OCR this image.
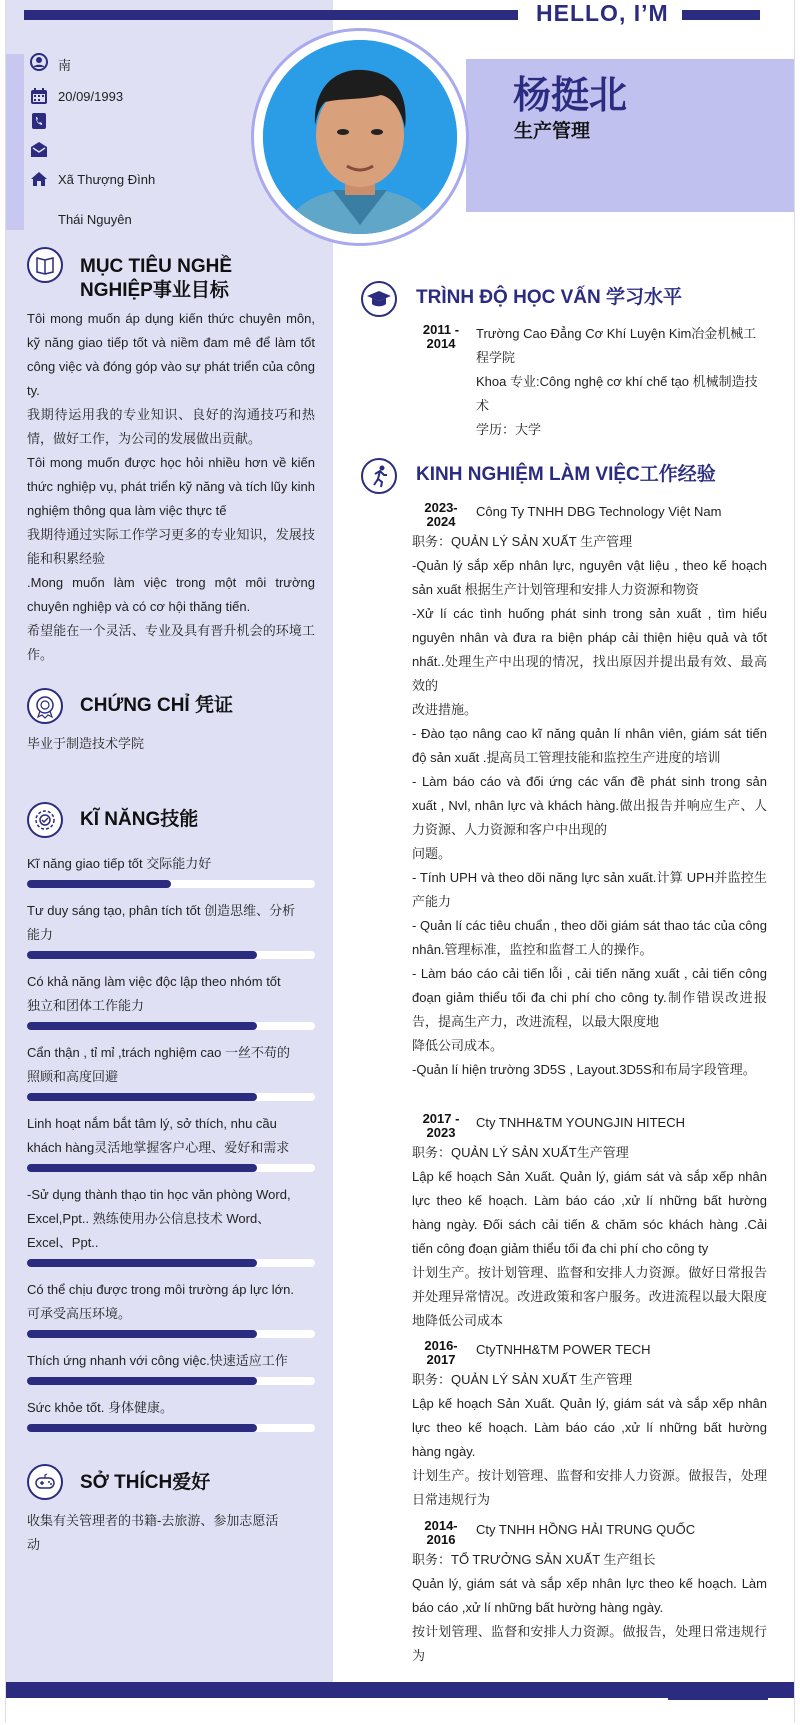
HELLO, I’M
杨挺北
生产管理
南
20/09/1993
Xã Thượng Đình
Thái Nguyên
MỤC TIÊU NGHỀ
NGHIỆP事业目标
Tôi mong muốn áp dụng kiến thức chuyên môn, kỹ năng giao tiếp tốt và niềm đam mê để làm tốt công việc và đóng góp vào sự phát triển của công ty.
我期待运用我的专业知识、良好的沟通技巧和热情，做好工作，为公司的发展做出贡献。
Tôi mong muốn được học hỏi nhiều hơn về kiến thức nghiệp vụ, phát triển kỹ năng và tích lũy kinh nghiệm thông qua làm việc thực tế
我期待通过实际工作学习更多的专业知识，发展技能和积累经验
.Mong muốn làm việc trong một môi trường chuyên nghiệp và có cơ hội thăng tiến.
希望能在一个灵活、专业及具有晋升机会的环境工作。
CHỨNG CHỈ 凭证
毕业于制造技术学院
KĨ NĂNG技能
Kĩ năng giao tiếp tốt 交际能力好
Tư duy sáng tạo, phân tích tốt 创造思维、分析能力
Có khả năng làm việc độc lập theo nhóm tốt 独立和团体工作能力
Cẩn thận , tỉ mỉ ,trách nghiệm cao 一丝不苟的照顾和高度回避
Linh hoạt nắm bắt tâm lý, sở thích, nhu cầu khách hàng灵活地掌握客户心理、爱好和需求
-Sử dụng thành thạo tin học văn phòng Word, Excel,Ppt.. 熟练使用办公信息技术 Word、Excel、Ppt..
Có thể chịu được trong môi trường áp lực lớn. 可承受高压环境。
Thích ứng nhanh với công việc.快速适应工作
Sức khỏe tốt. 身体健康。
SỞ THÍCH爱好
收集有关管理者的书籍-去旅游、参加志愿活动
TRÌNH ĐỘ HỌC VẤN 学习水平
2011 -
2014
Trường Cao Đẳng Cơ Khí Luyện Kim冶金机械工程学院
Khoa 专业:Công nghệ cơ khí chế tạo 机械制造技术
学历：大学
KINH NGHIỆM LÀM VIỆC工作经验
2023-
2024
Công Ty TNHH DBG Technology Việt Nam
职务：QUẢN LÝ SẢN XUẤT 生产管理
-Quản lý sắp xếp nhân lực, nguyên vật liệu , theo kế hoạch sản xuất 根据生产计划管理和安排人力资源和物资
-Xử lí các tình huống phát sinh trong sản xuất , tìm hiểu nguyên nhân và đưa ra biện pháp cải thiện hiệu quả và tốt nhất..处理生产中出现的情况，找出原因并提出最有效、最高效的
改进措施。
- Đào tạo nâng cao kĩ năng quản lí nhân viên, giám sát tiến độ sản xuất .提高员工管理技能和监控生产进度的培训
- Làm báo cáo và đối ứng các vấn đề phát sinh trong sản xuất , Nvl, nhân lực và khách hàng.做出报告并响应生产、人力资源、人力资源和客户中出现的
问题。
- Tính UPH và theo dõi năng lực sản xuất.计算 UPH并监控生产能力
- Quản lí các tiêu chuẩn , theo dõi giám sát thao tác của công nhân.管理标准，监控和监督工人的操作。
- Làm báo cáo cải tiến lỗi , cải tiến năng xuất , cải tiến công đoạn giảm thiểu tối đa chi phí cho công ty.制作错误改进报告，提高生产力，改进流程，以最大限度地
降低公司成本。
-Quản lí hiện trường 3D5S , Layout.3D5S和布局字段管理。
2017 -
2023
Cty TNHH&TM YOUNGJIN HITECH
职务：QUẢN LÝ SẢN XUẤT生产管理
Lập kế hoạch Sản Xuất. Quản lý, giám sát và sắp xếp nhân lực theo kế hoạch. Làm báo cáo ,xử lí những bất hường hàng ngày. Đối sách cải tiến & chăm sóc khách hàng .Cải tiến công đoạn giảm thiểu tối đa chi phí cho công ty
计划生产。按计划管理、监督和安排人力资源。做好日常报告并处理异常情况。改进政策和客户服务。改进流程以最大限度地降低公司成本
2016-
2017
CtyTNHH&TM POWER TECH
职务：QUẢN LÝ SẢN XUẤT 生产管理
Lập kế hoạch Sản Xuất. Quản lý, giám sát và sắp xếp nhân lực theo kế hoạch. Làm báo cáo ,xử lí những bất hường hàng ngày.
计划生产。按计划管理、监督和安排人力资源。做报告，处理日常违规行为
2014-
2016
Cty TNHH HỒNG HẢI TRUNG QUỐC
职务：TỔ TRƯỞNG SẢN XUẤT 生产组长
Quản lý, giám sát và sắp xếp nhân lực theo kế hoạch. Làm báo cáo ,xử lí những bất hường hàng ngày.
按计划管理、监督和安排人力资源。做报告，处理日常违规行为
